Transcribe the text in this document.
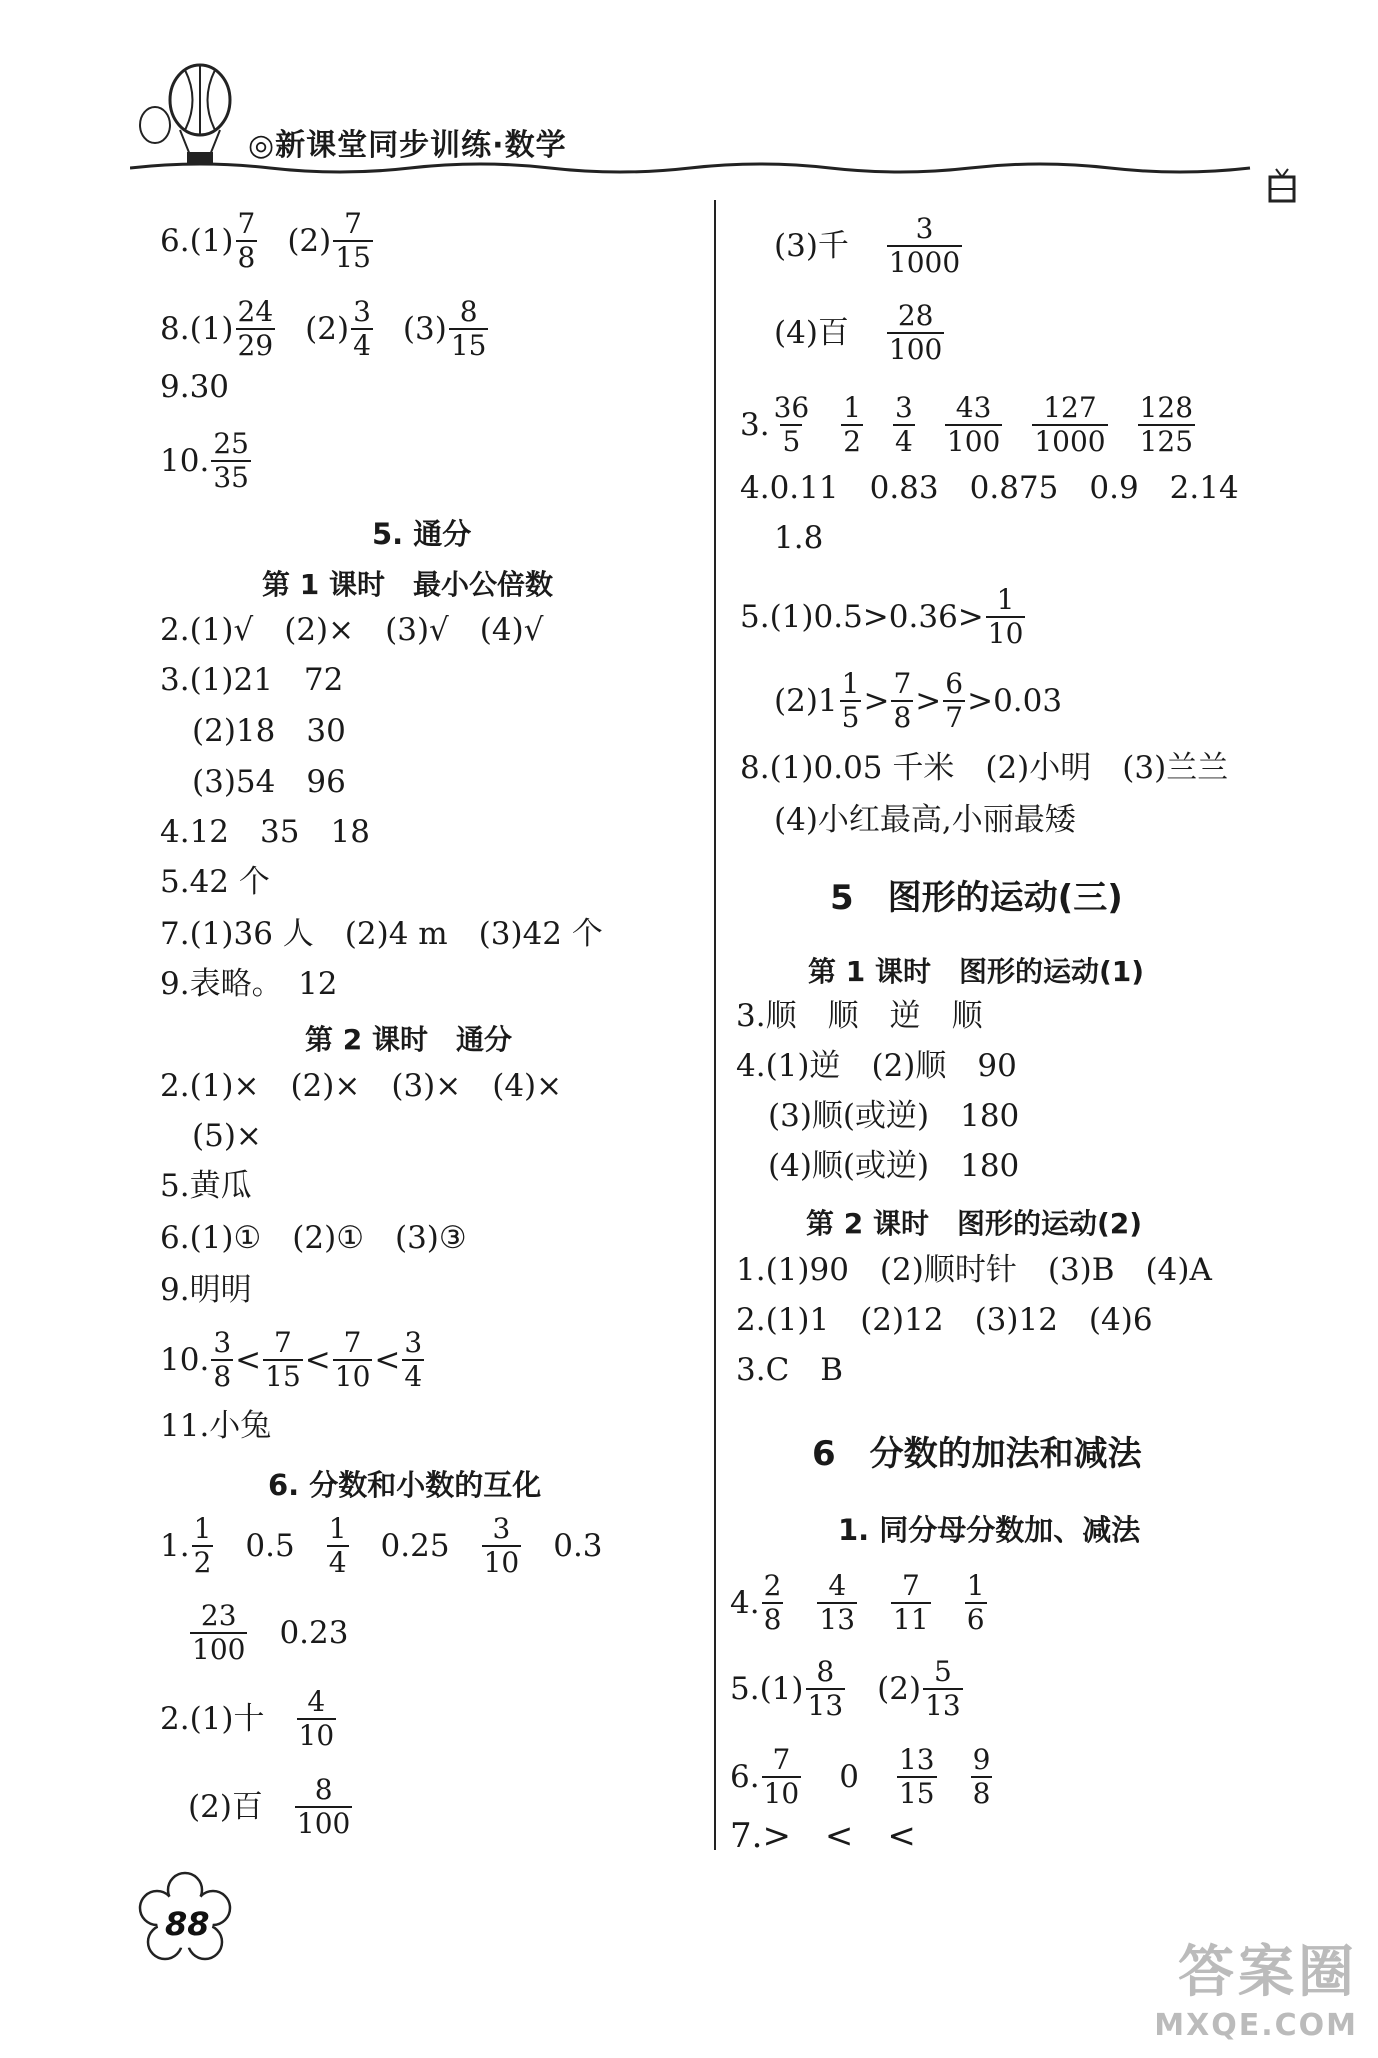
◎新课堂同步训练·数学
6. $(1) \frac{7}{8} (2) \frac{7}{15}$
8. $(1) \frac{24}{29} (2) \frac{3}{4} (3) \frac{8}{15}$
9.30
10. $\frac{25}{35}$
5. 通分
第 1 课时　最小公倍数
2.(1)√　(2)×　(3)√　(4)√
3.(1)21　72
(2)18　30
(3)54　96
4.12　35　18
5.42 个
7.(1)36 人　(2)4 m　(3)42 个
9.表略。　12
第 2 课时　通分
2.(1)×　(2)×　(3)×　(4)×
(5)×
5.黄瓜
6.(1)①　(2)①　(3)③
9.明明
10. $\frac{3}{8} < \frac{7}{15} < \frac{7}{10} < \frac{3}{4}$
11.小兔
6. 分数和小数的互化
1. $\frac{1}{2} 0.5 \frac{1}{4} 0.25 \frac{3}{10} 0.3$
$\frac{23}{100} 0.23$
2. (1)十 $\frac{4}{10}$
(2)百 $\frac{8}{100}$
(3)千 $\frac{3}{1000}$
(4)百 $\frac{28}{100}$
3. $\frac{36}{5} \frac{1}{2} \frac{3}{4} \frac{43}{100} \frac{127}{1000} \frac{128}{125}$
4.0.11　0.83　0.875　0.9　2.14
1.8
$5.(1)0.5>0.36> \frac{1}{10}$
$(2)1 \frac{1}{5} > \frac{7}{8} > \frac{6}{7} >0.03$
8.(1)0.05 千米　(2)小明　(3)兰兰
(4)小红最高,小丽最矮
5　图形的运动(三)
第 1 课时　图形的运动(1)
3.顺　顺　逆　顺
4.(1)逆　(2)顺　90
(3)顺(或逆)　180
(4)顺(或逆)　180
第 2 课时　图形的运动(2)
1.(1)90　(2)顺时针　(3)B　(4)A
2.(1)1　(2)12　(3)12　(4)6
3.C　B
6　分数的加法和减法
1. 同分母分数加、减法
4. $\frac{2}{8} \frac{4}{13} \frac{7}{11} \frac{1}{6}$
5. $(1) \frac{8}{13} (2) \frac{5}{13}$
6. $\frac{7}{10} 0 \frac{13}{15} \frac{9}{8}$
7.>　<　<
88
答案圈
MXQE.COM
